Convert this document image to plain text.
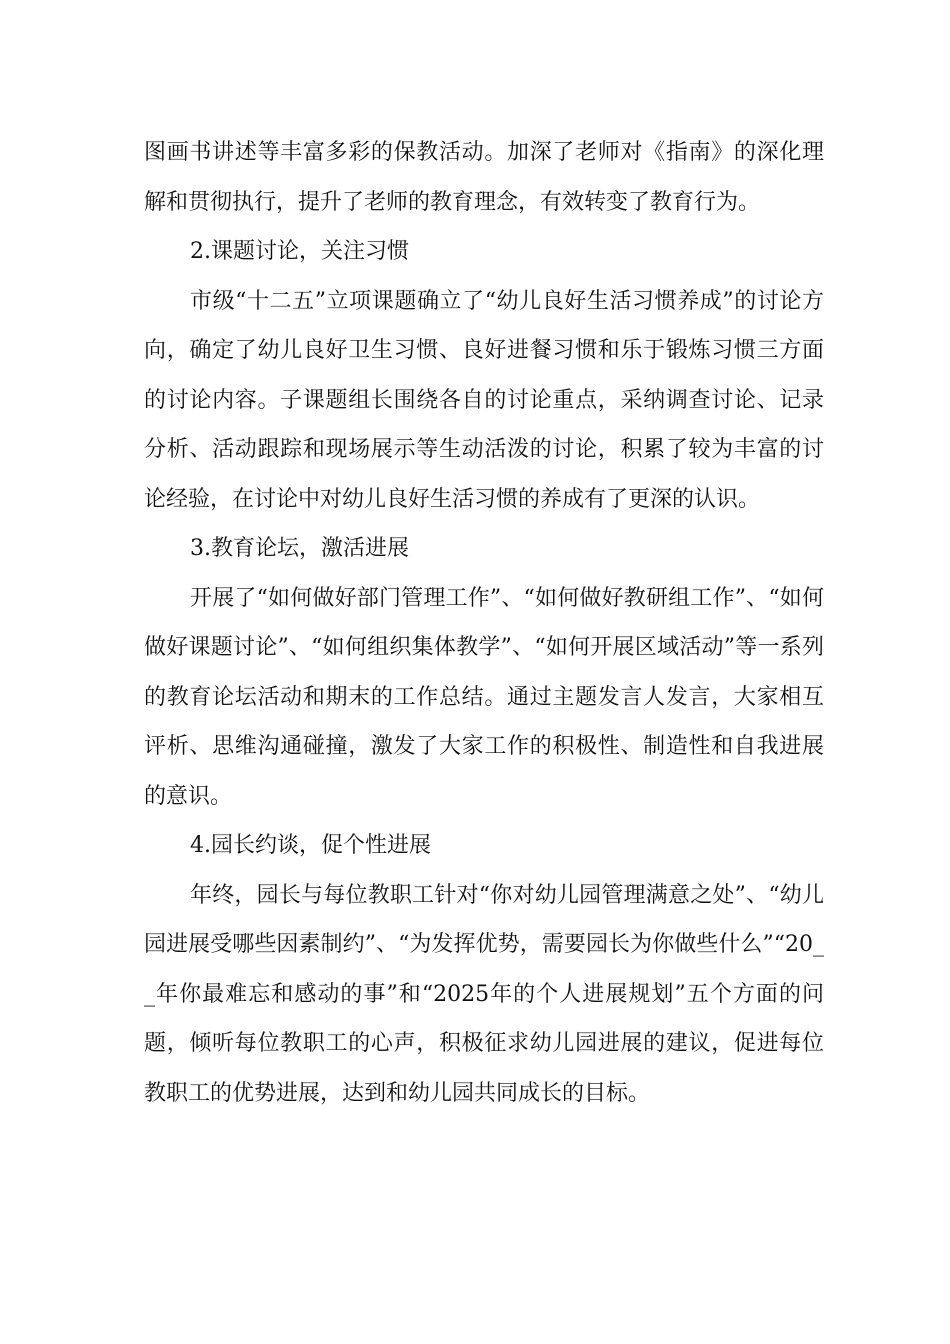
图画书讲述等丰富多彩的保教活动。加深了老师对《指南》的深化理解和贯彻执行，提升了老师的教育理念，有效转变了教育行为。

2.课题讨论，关注习惯

市级“十二五”立项课题确立了“幼儿良好生活习惯养成”的讨论方向，确定了幼儿良好卫生习惯、良好进餐习惯和乐于锻炼习惯三方面的讨论内容。子课题组长围绕各自的讨论重点，采纳调查讨论、记录分析、活动跟踪和现场展示等生动活泼的讨论，积累了较为丰富的讨论经验，在讨论中对幼儿良好生活习惯的养成有了更深的认识。

3.教育论坛，激活进展

开展了“如何做好部门管理工作”、“如何做好教研组工作”、“如何做好课题讨论”、“如何组织集体教学”、“如何开展区域活动”等一系列的教育论坛活动和期末的工作总结。通过主题发言人发言，大家相互评析、思维沟通碰撞，激发了大家工作的积极性、制造性和自我进展的意识。

4.园长约谈，促个性进展

年终，园长与每位教职工针对“你对幼儿园管理满意之处”、“幼儿园进展受哪些因素制约”、“为发挥优势，需要园长为你做些什么”“20__年你最难忘和感动的事”和“2025年的个人进展规划”五个方面的问题，倾听每位教职工的心声，积极征求幼儿园进展的建议，促进每位教职工的优势进展，达到和幼儿园共同成长的目标。
